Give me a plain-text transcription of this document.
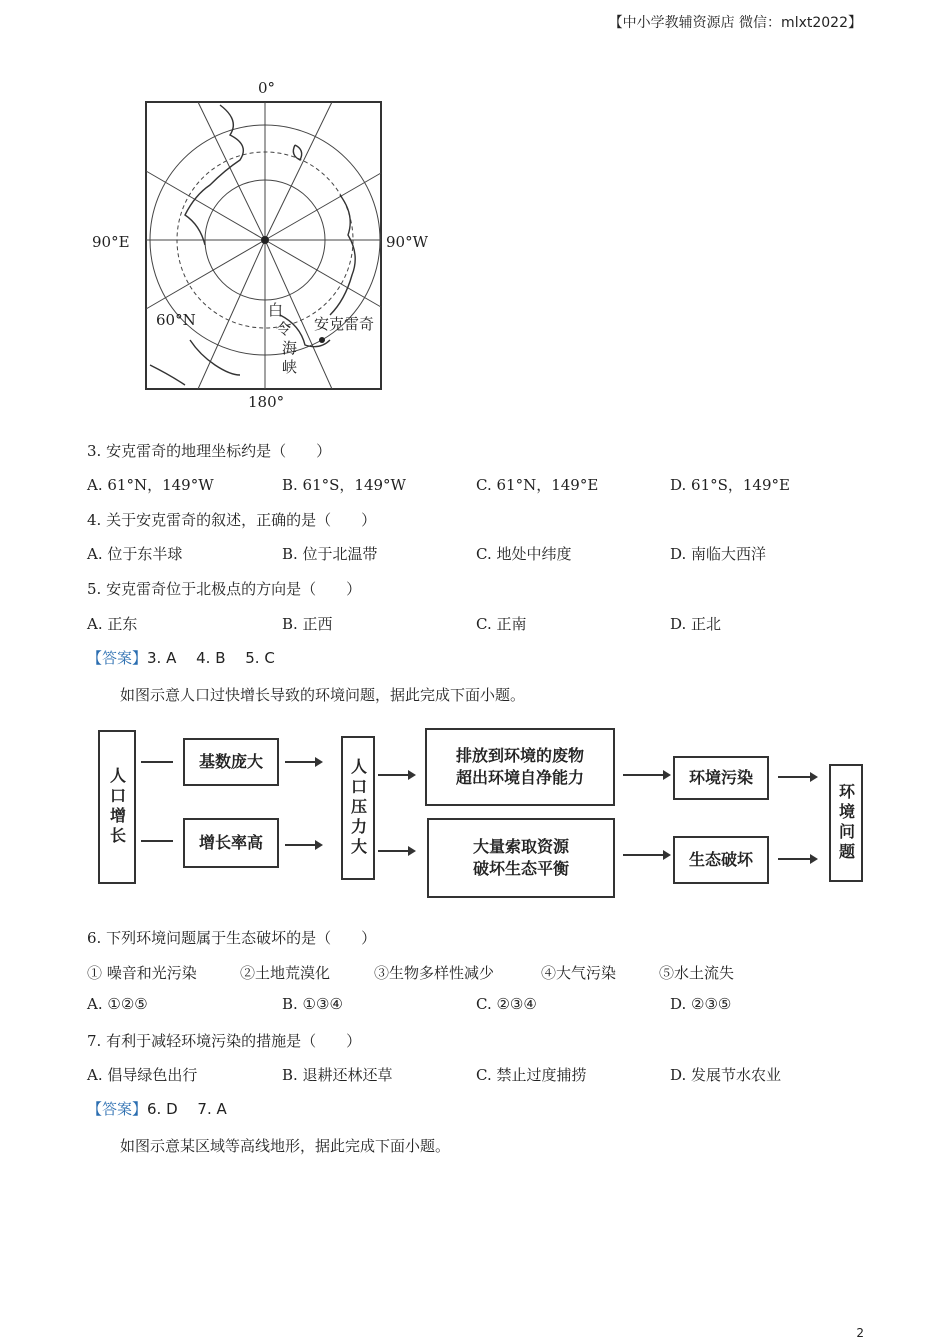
【中小学教辅资源店 微信：mlxt2022】
0°
90°E	90°W
180°
60°N
白
令
海
峡
安克雷奇
3. 安克雷奇的地理坐标约是（　　）
A. 61°N，149°W	B. 61°S，149°W	C. 61°N，149°E	D. 61°S，149°E
4. 关于安克雷奇的叙述，正确的是（　　）
A. 位于东半球	B. 位于北温带	C. 地处中纬度	D. 南临大西洋
5. 安克雷奇位于北极点的方向是（　　）
A. 正东	B. 正西	C. 正南	D. 正北
【答案】3. A　 4. B　 5. C
如图示意人口过快增长导致的环境问题，据此完成下面小题。
人口增长
基数庞大
增长率高	人口压力大
排放到环境的废物
超出环境自净能力
大量索取资源
破坏生态平衡
环境污染
生态破坏	环境问题
6. 下列环境问题属于生态破坏的是（　　）
① 噪音和光污染	②土地荒漠化	③生物多样性减少	④大气污染	⑤水土流失
A. ①②⑤	B. ①③④	C. ②③④	D. ②③⑤
7. 有利于减轻环境污染的措施是（　　）
A. 倡导绿色出行	B. 退耕还林还草	C. 禁止过度捕捞	D. 发展节水农业
【答案】6. D　 7. A
如图示意某区域等高线地形，据此完成下面小题。
2
